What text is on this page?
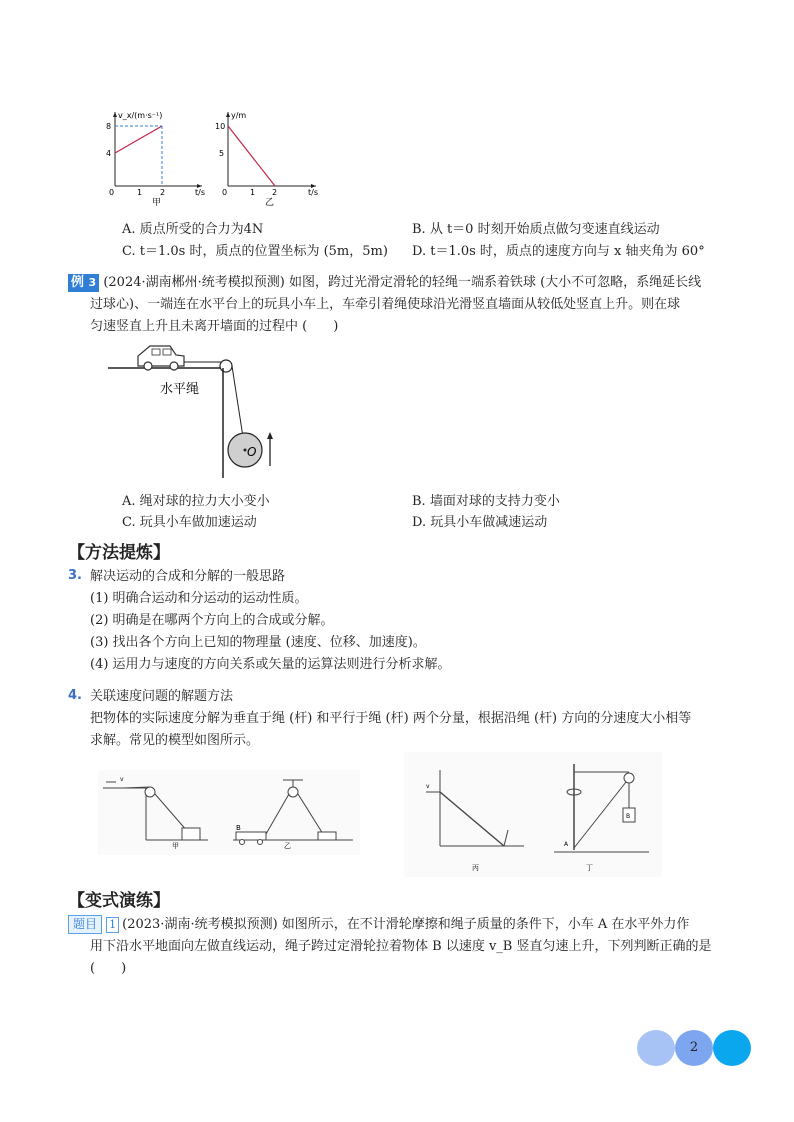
v_x/(m·s⁻¹)
t/s
8
4
0	1 2
甲
y/m
t/s
10
5
0	1 2
乙
A. 质点所受的合力为4N	B. 从 t＝0 时刻开始质点做匀变速直线运动
C. t＝1.0s 时，质点的位置坐标为 (5m，5m) D. t＝1.0s 时，质点的速度方向与 x 轴夹角为 60°
例 3 (2024·湖南郴州·统考模拟预测) 如图，跨过光滑定滑轮的轻绳一端系着铁球 (大小不可忽略，系绳延长线
过球心)、一端连在水平台上的玩具小车上，车牵引着绳使球沿光滑竖直墙面从较低处竖直上升。则在球
匀速竖直上升且未离开墙面的过程中 (　　)
O
水平绳
A. 绳对球的拉力大小变小	B. 墙面对球的支持力变小
C. 玩具小车做加速运动	D. 玩具小车做减速运动
【方法提炼】
3. 解决运动的合成和分解的一般思路
(1) 明确合运动和分运动的运动性质。
(2) 明确是在哪两个方向上的合成或分解。
(3) 找出各个方向上已知的物理量 (速度、位移、加速度)。
(4) 运用力与速度的方向关系或矢量的运算法则进行分析求解。
4. 关联速度问题的解题方法
把物体的实际速度分解为垂直于绳 (杆) 和平行于绳 (杆) 两个分量，根据沿绳 (杆) 方向的分速度大小相等
求解。常见的模型如图所示。
v
甲
B
乙
v
丙
B
A
丁
【变式演练】
题目 1 (2023·湖南·统考模拟预测) 如图所示，在不计滑轮摩擦和绳子质量的条件下，小车 A 在水平外力作
用下沿水平地面向左做直线运动，绳子跨过定滑轮拉着物体 B 以速度 v_B 竖直匀速上升，下列判断正确的是
(　　)
2
